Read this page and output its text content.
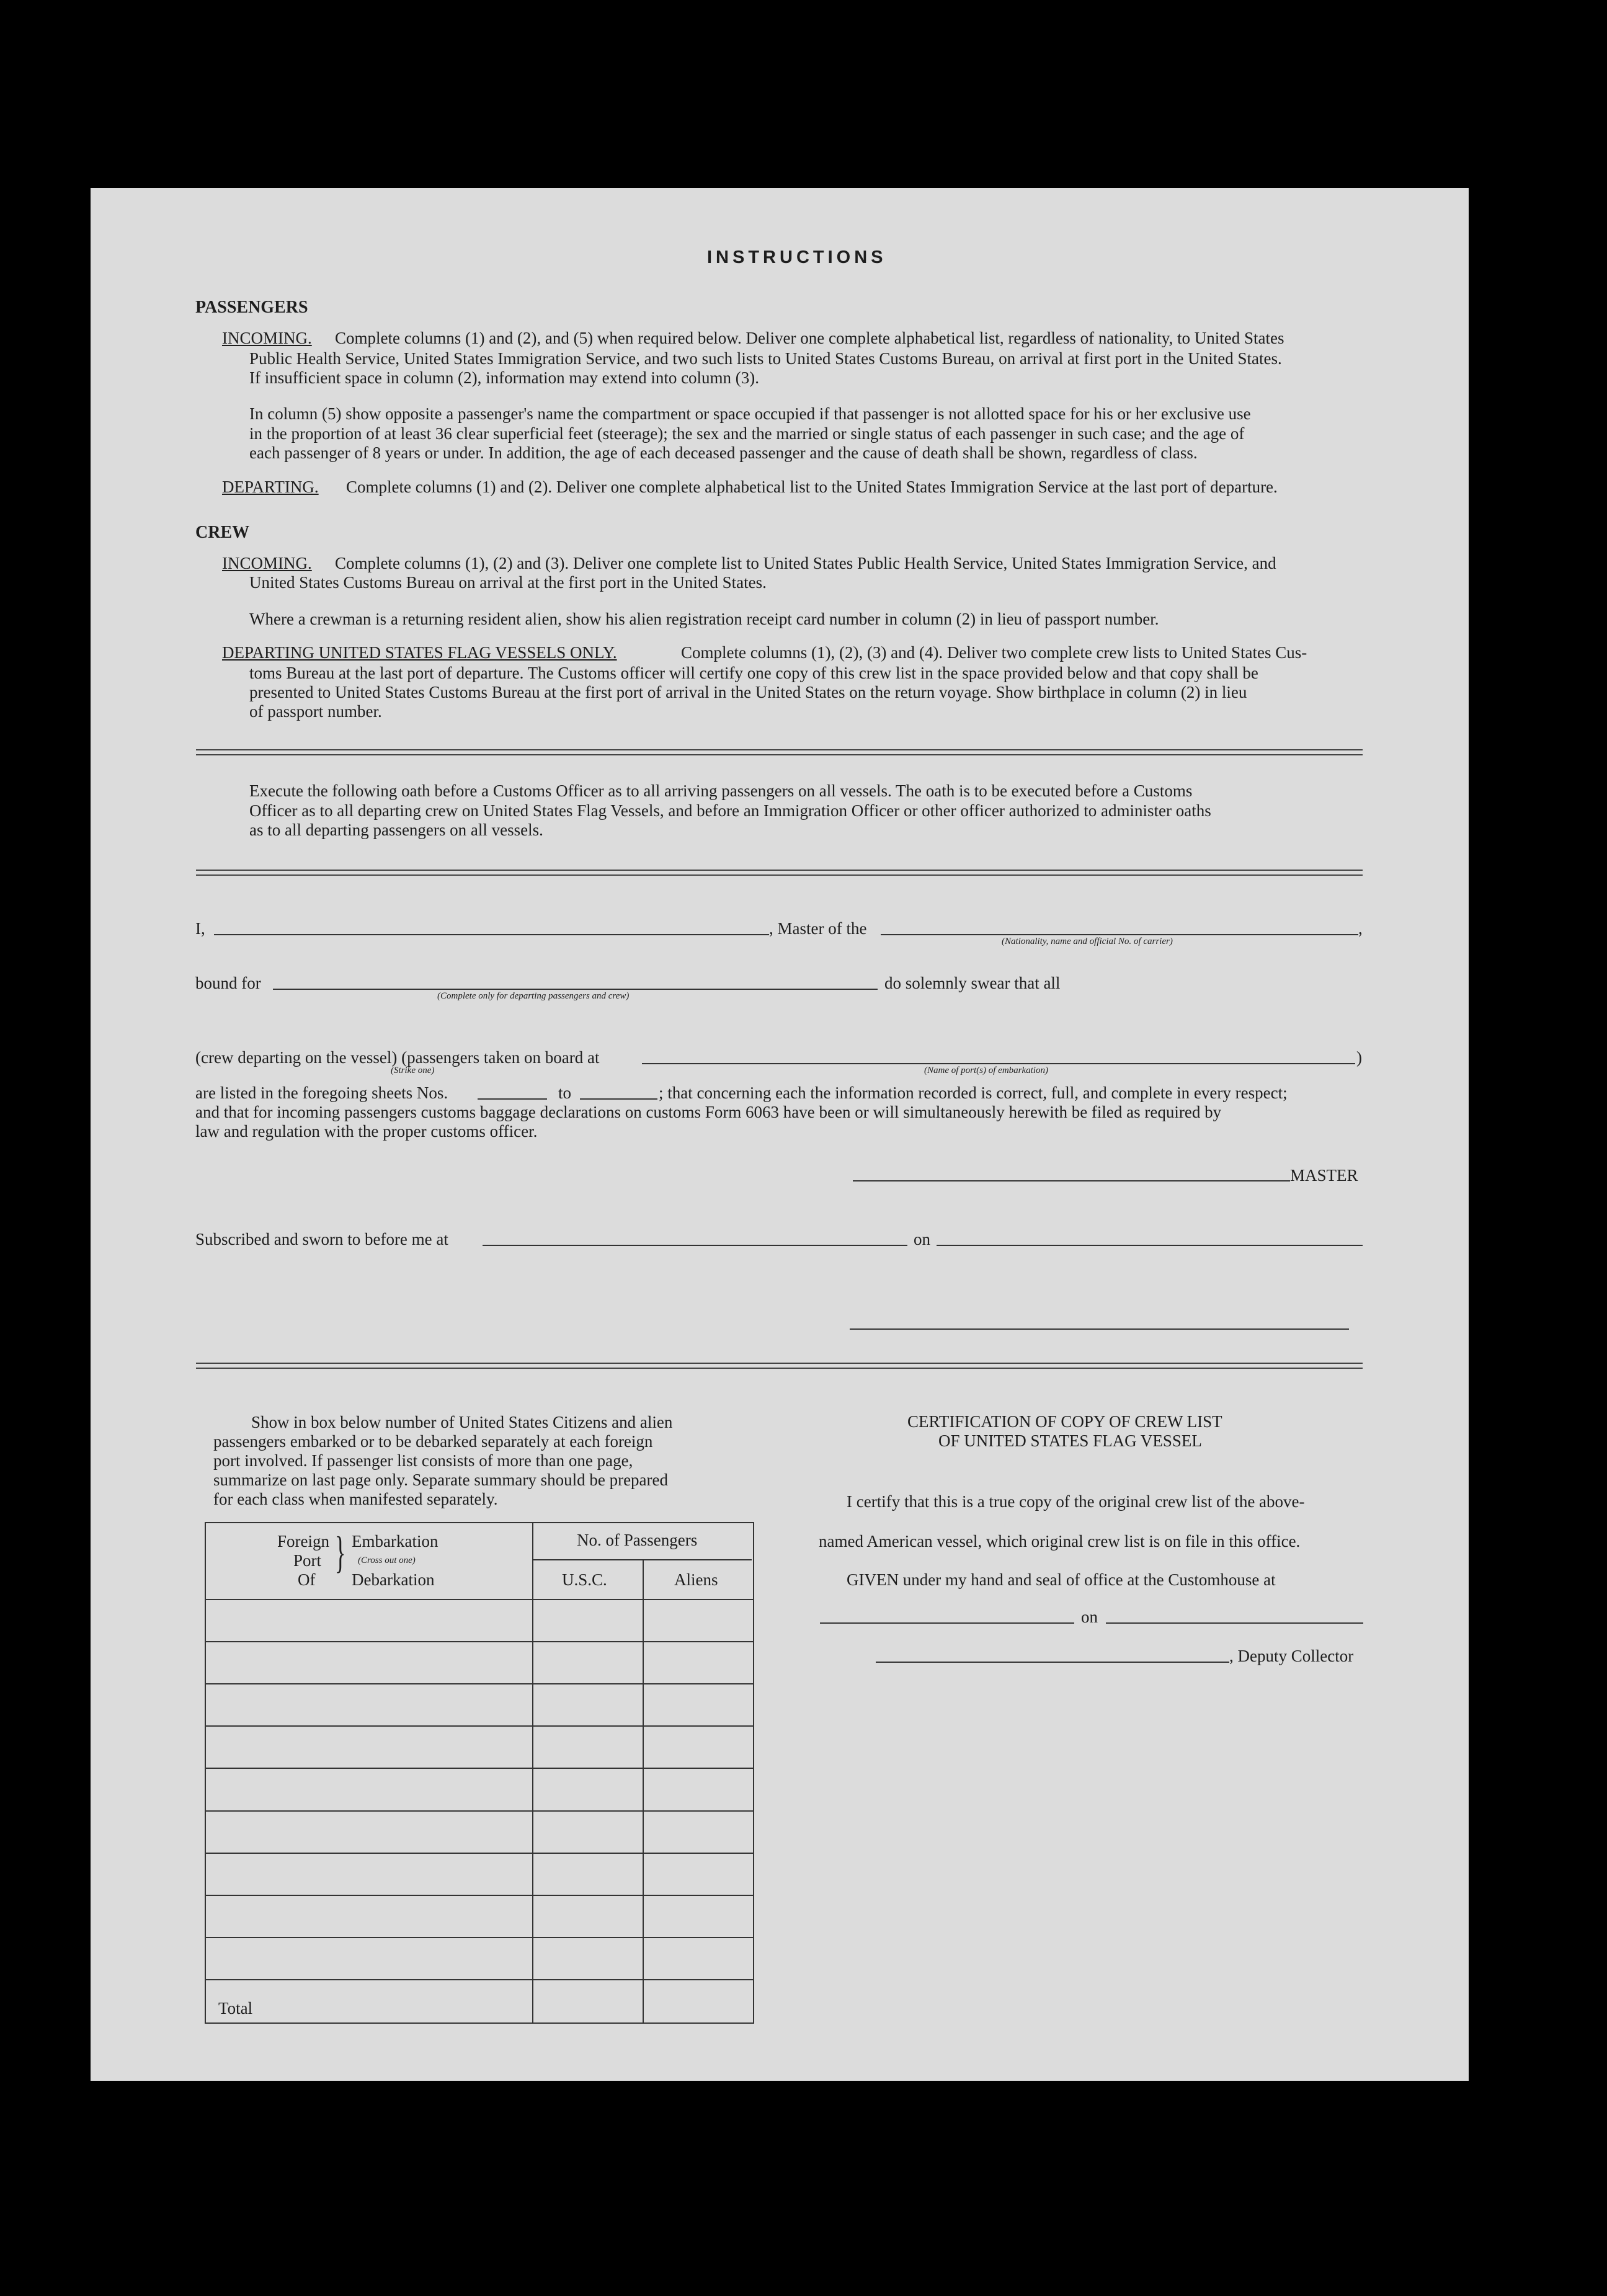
INSTRUCTIONS
PASSENGERS
INCOMING. Complete columns (1) and (2), and (5) when required below. Deliver one complete alphabetical list, regardless of nationality, to United States
Public Health Service, United States Immigration Service, and two such lists to United States Customs Bureau, on arrival at first port in the United States.
If insufficient space in column (2), information may extend into column (3).
In column (5) show opposite a passenger's name the compartment or space occupied if that passenger is not allotted space for his or her exclusive use
in the proportion of at least 36 clear superficial feet (steerage); the sex and the married or single status of each passenger in such case; and the age of
each passenger of 8 years or under. In addition, the age of each deceased passenger and the cause of death shall be shown, regardless of class.
DEPARTING. Complete columns (1) and (2). Deliver one complete alphabetical list to the United States Immigration Service at the last port of departure.
CREW
INCOMING. Complete columns (1), (2) and (3). Deliver one complete list to United States Public Health Service, United States Immigration Service, and
United States Customs Bureau on arrival at the first port in the United States.
Where a crewman is a returning resident alien, show his alien registration receipt card number in column (2) in lieu of passport number.
DEPARTING UNITED STATES FLAG VESSELS ONLY.	Complete columns (1), (2), (3) and (4). Deliver two complete crew lists to United States Cus-
toms Bureau at the last port of departure. The Customs officer will certify one copy of this crew list in the space provided below and that copy shall be
presented to United States Customs Bureau at the first port of arrival in the United States on the return voyage. Show birthplace in column (2) in lieu
of passport number.
Execute the following oath before a Customs Officer as to all arriving passengers on all vessels. The oath is to be executed before a Customs
Officer as to all departing crew on United States Flag Vessels, and before an Immigration Officer or other officer authorized to administer oaths
as to all departing passengers on all vessels.
I,	, Master of the	,
(Nationality, name and official No. of carrier)
bound for
(Complete only for departing passengers and crew)
do solemnly swear that all
(crew departing on the vessel) (passengers taken on board at	)
(Strike one)	(Name of port(s) of embarkation)
are listed in the foregoing sheets Nos.	to	; that concerning each the information recorded is correct, full, and complete in every respect;
and that for incoming passengers customs baggage declarations on customs Form 6063 have been or will simultaneously herewith be filed as required by
law and regulation with the proper customs officer.
MASTER
Subscribed and sworn to before me at	on
Show in box below number of United States Citizens and alien
passengers embarked or to be debarked separately at each foreign
port involved. If passenger list consists of more than one page,
summarize on last page only. Separate summary should be prepared
for each class when manifested separately.
Foreign
Port
Of
} Embarkation
(Cross out one)
Debarkation
No. of Passengers
U.S.C.	Aliens
Total
CERTIFICATION OF COPY OF CREW LIST
OF UNITED STATES FLAG VESSEL
I certify that this is a true copy of the original crew list of the above-
named American vessel, which original crew list is on file in this office.
GIVEN under my hand and seal of office at the Customhouse at
on
, Deputy Collector
